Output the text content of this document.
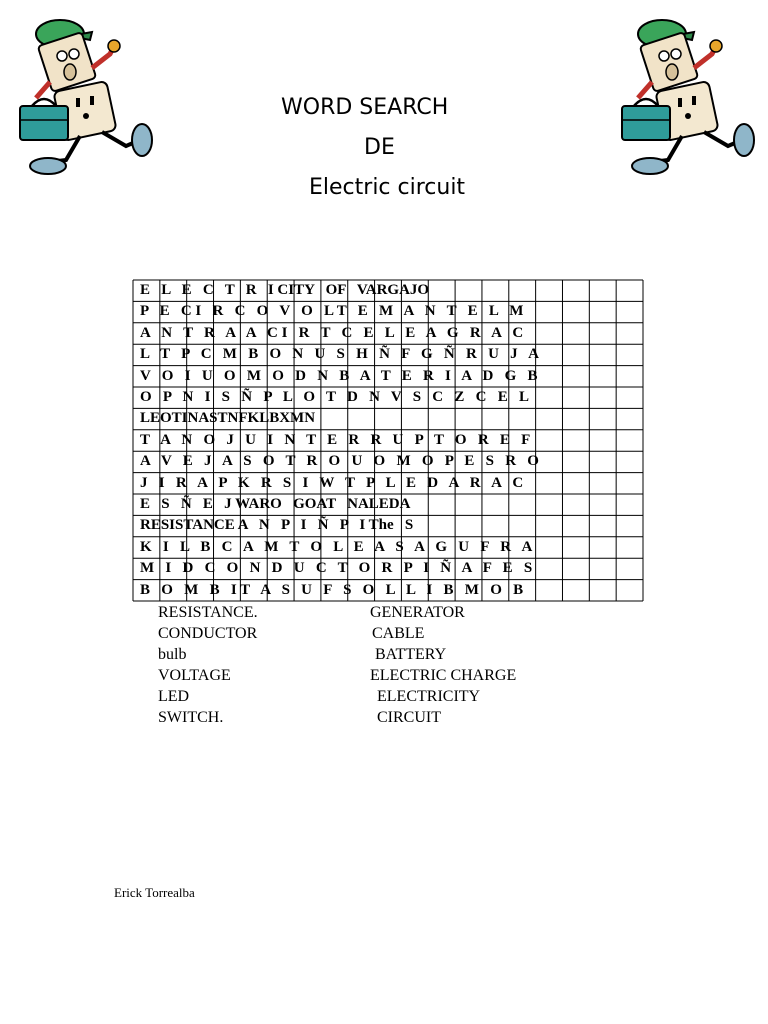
WORD SEARCH
DE
Electric circuit
E   L   E   C   T   R   I CITY   OF   VARGAJO
P   E   C I   R   C   O   V   O   L T   E   M   A   N   T   E   L   M
A   N   T   R   A   A   C I   R   T   C   E   L   E   A   G   R   A   C
L   T   P   C   M   B   O   N   U   S   H   Ñ   F   G   Ñ   R   U   J   A
V   O   I   U   O   M   O   D   N   B   A   T   E   R   I   A   D   G   B
O   P   N   I   S   Ñ   P   L   O   T   D   N   V   S   C   Z   C   E   L
LEOTINASTNFKLBXMN
T   A   N   O   J   U   I   N   T   E   R   R   U   P   T   O   R   E   F
A   V   E   J   A   S   O   T   R   O   U   O   M   O   P   E   S   R   O
J   I   R   A   P   K   R   S   I   W   T   P   L   E   D   A   R   A   C
E   S   Ñ   E   J WARO   GOAT   NALEDA
RESISTANCE A   N   P   I   Ñ   P   I The   S
K   I   L   B   C   A   M   T   O   L   E   A   S   A   G   U   F   R   A
M   I   D   C   O   N   D   U   C   T   O   R   P   I   Ñ   A   F   E   S
B   O   M   B   I T   A   S   U   F   S   O   L   L   I   B   M   O   B
RESISTANCE.
CONDUCTOR
bulb
VOLTAGE
LED
SWITCH.
GENERATOR
CABLE
BATTERY
ELECTRIC CHARGE
ELECTRICITY
CIRCUIT
Erick Torrealba
